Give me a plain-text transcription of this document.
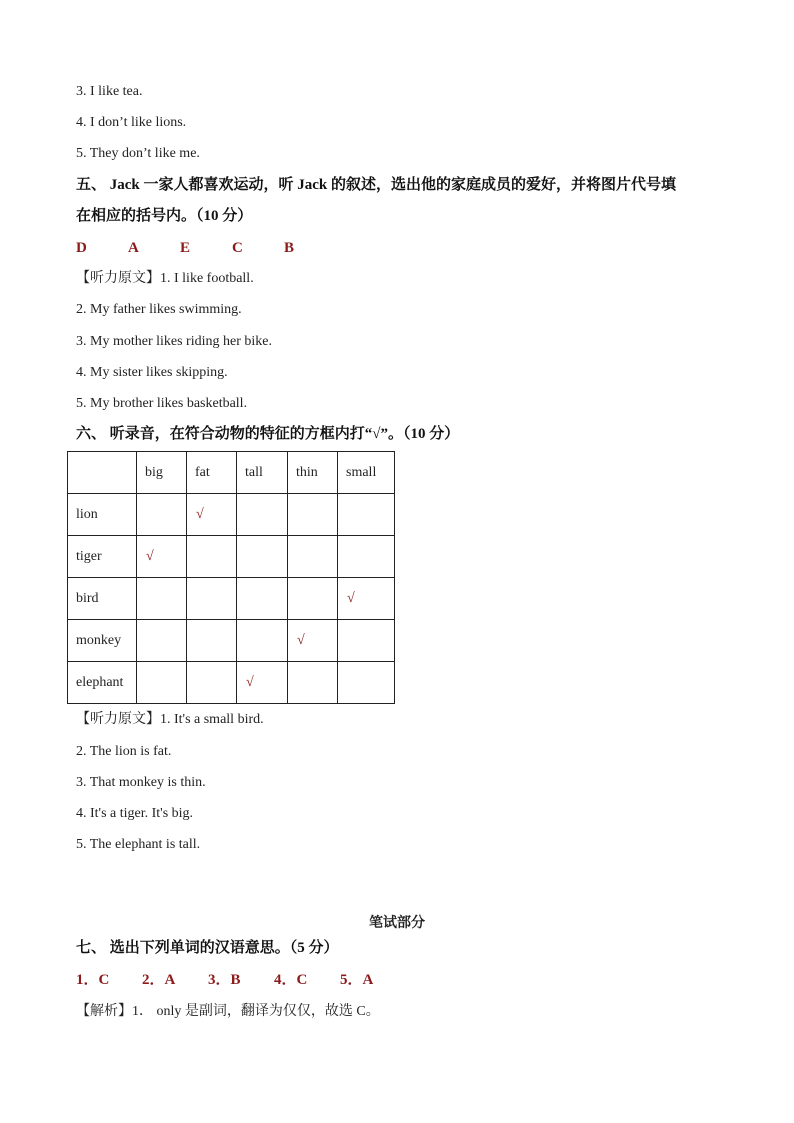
3. I like tea.
4. I don’t like lions.
5. They don’t like me.
五、 Jack 一家人都喜欢运动，听 Jack 的叙述，选出他的家庭成员的爱好，并将图片代号填
在相应的括号内。（10 分）
D	A	E	C	B
【听力原文】1. I like football.
2. My father likes swimming.
3. My mother likes riding her bike.
4. My sister likes skipping.
5. My brother likes basketball.
六、 听录音，在符合动物的特征的方框内打“√”。（10 分）
	big	fat	tall	thin	small
lion		√			
tiger	√				
bird					√
monkey				√	
elephant			√		
【听力原文】1. It's a small bird.
2. The lion is fat.
3. That monkey is thin.
4. It's a tiger. It's big.
5. The elephant is tall.
笔试部分
七、 选出下列单词的汉语意思。（5 分）
1．C 2．A 3．B 4．C 5．A
【解析】1． only 是副词，翻译为仅仅，故选 C。
